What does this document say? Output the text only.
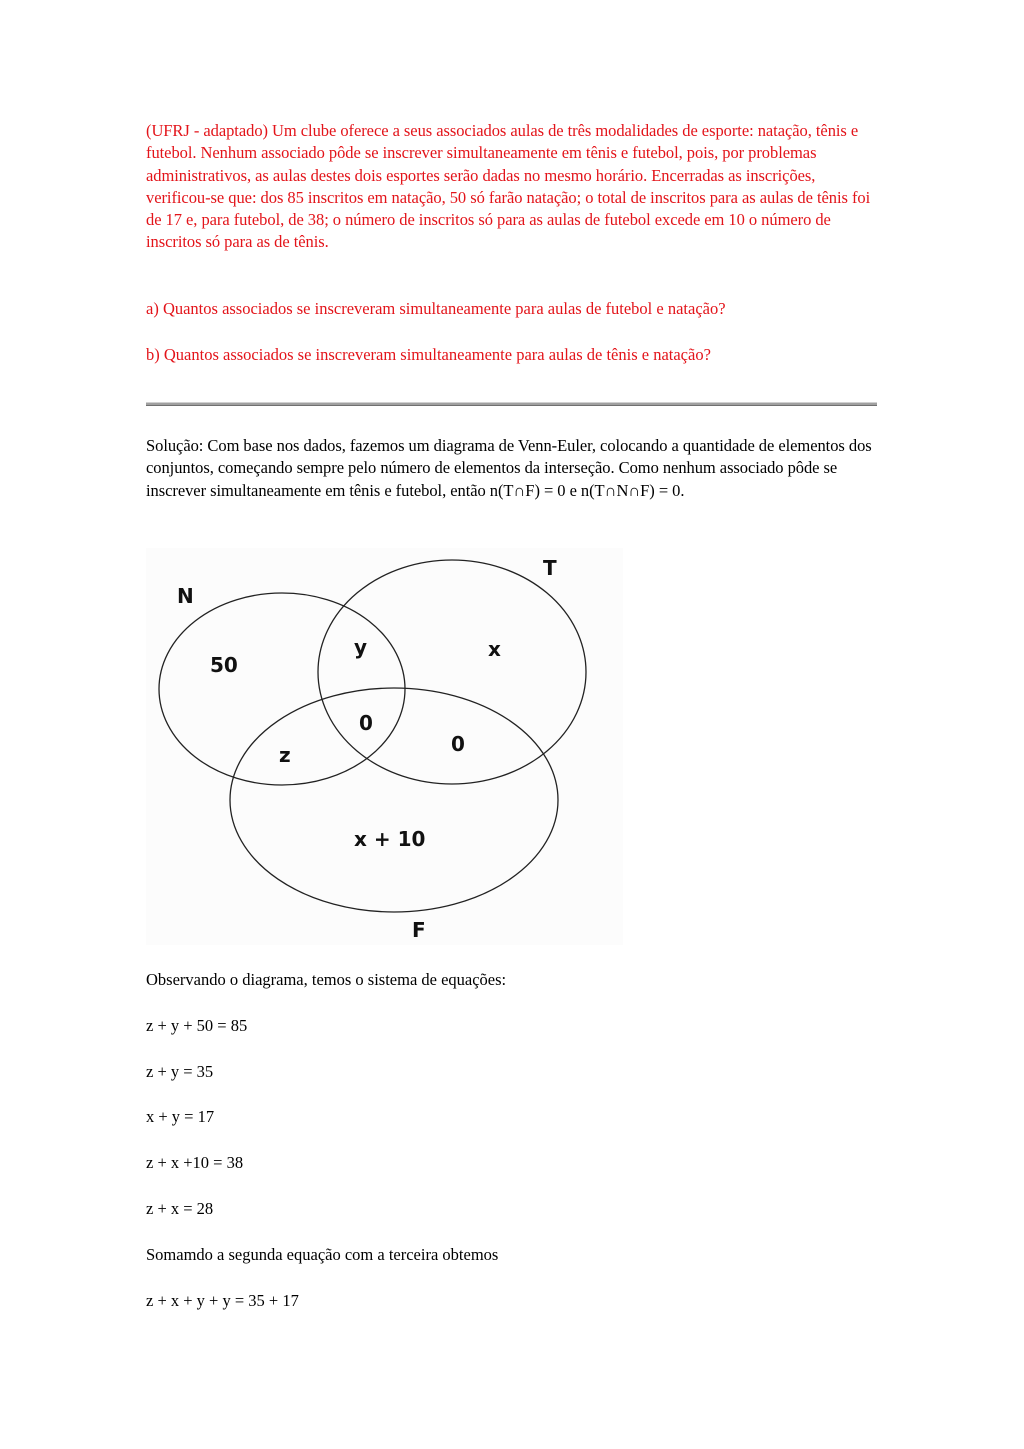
(UFRJ - adaptado) Um clube oferece a seus associados aulas de três modalidades de esporte: natação, tênis e futebol. Nenhum associado pôde se inscrever simultaneamente em tênis e futebol, pois, por problemas administrativos, as aulas destes dois esportes serão dadas no mesmo horário. Encerradas as inscrições, verificou-se que: dos 85 inscritos em natação, 50 só farão natação; o total de inscritos para as aulas de tênis foi de 17 e, para futebol, de 38; o número de inscritos só para as aulas de futebol excede em 10 o número de inscritos só para as de tênis.

a) Quantos associados se inscreveram simultaneamente para aulas de futebol e natação?
b) Quantos associados se inscreveram simultaneamente para aulas de tênis e natação?

Solução: Com base nos dados, fazemos um diagrama de Venn-Euler, colocando a quantidade de elementos dos conjuntos, começando sempre pelo número de elementos da interseção. Como nenhum associado pôde se inscrever simultaneamente em tênis e futebol, então n(T∩F) = 0 e n(T∩N∩F) = 0.

N
T
F
50
y	x
0
z	0
x + 10
Observando o diagrama, temos o sistema de equações:
z + y + 50 = 85
z + y = 35
x + y = 17
z + x +10 = 38
z + x = 28
Somamdo a segunda equação com a terceira obtemos
z + x + y + y = 35 + 17
